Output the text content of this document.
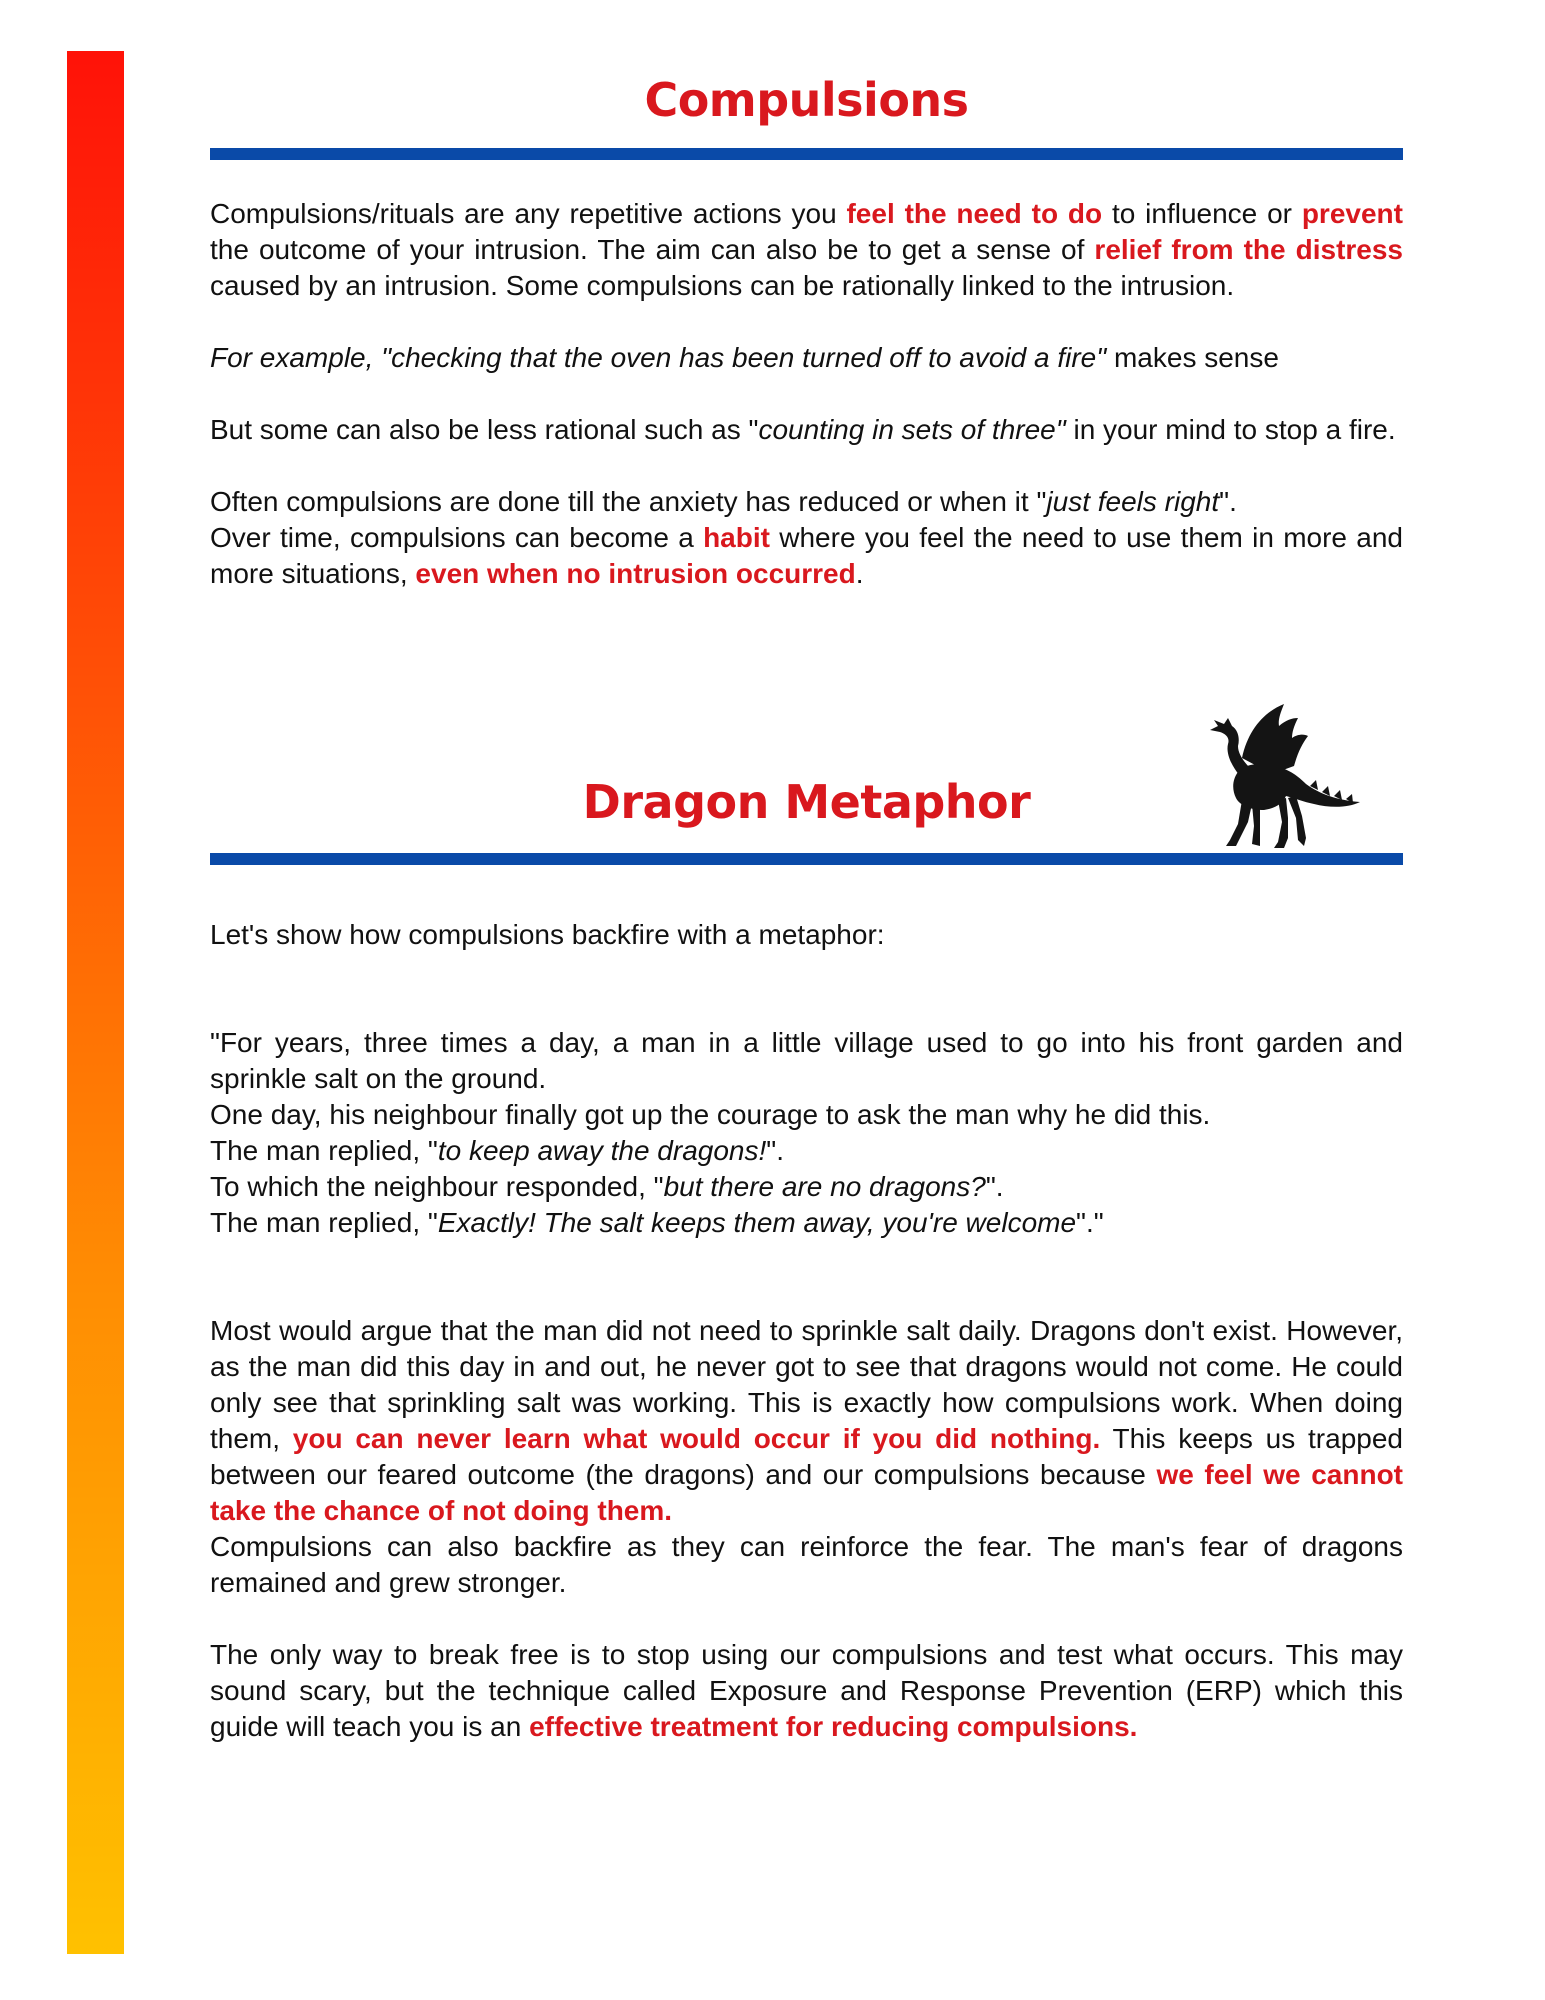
Compulsions

Compulsions/rituals are any repetitive actions you feel the need to do to influence or prevent the outcome of your intrusion. The aim can also be to get a sense of relief from the distress caused by an intrusion. Some compulsions can be rationally linked to the intrusion.

For example, "checking that the oven has been turned off to avoid a fire" makes sense

But some can also be less rational such as "counting in sets of three" in your mind to stop a fire.

Often compulsions are done till the anxiety has reduced or when it "just feels right".
Over time, compulsions can become a habit where you feel the need to use them in more and more situations, even when no intrusion occurred.

Dragon Metaphor

Let's show how compulsions backfire with a metaphor:

"For years, three times a day, a man in a little village used to go into his front garden and sprinkle salt on the ground.

One day, his neighbour finally got up the courage to ask the man why he did this.

The man replied, "to keep away the dragons!".

To which the neighbour responded, "but there are no dragons?".

The man replied, "Exactly! The salt keeps them away, you're welcome"."

Most would argue that the man did not need to sprinkle salt daily. Dragons don't exist. However, as the man did this day in and out, he never got to see that dragons would not come. He could only see that sprinkling salt was working. This is exactly how compulsions work. When doing them, you can never learn what would occur if you did nothing. This keeps us trapped between our feared outcome (the dragons) and our compulsions because we feel we cannot take the chance of not doing them.
Compulsions can also backfire as they can reinforce the fear. The man's fear of dragons remained and grew stronger.

The only way to break free is to stop using our compulsions and test what occurs. This may sound scary, but the technique called Exposure and Response Prevention (ERP) which this guide will teach you is an effective treatment for reducing compulsions.
